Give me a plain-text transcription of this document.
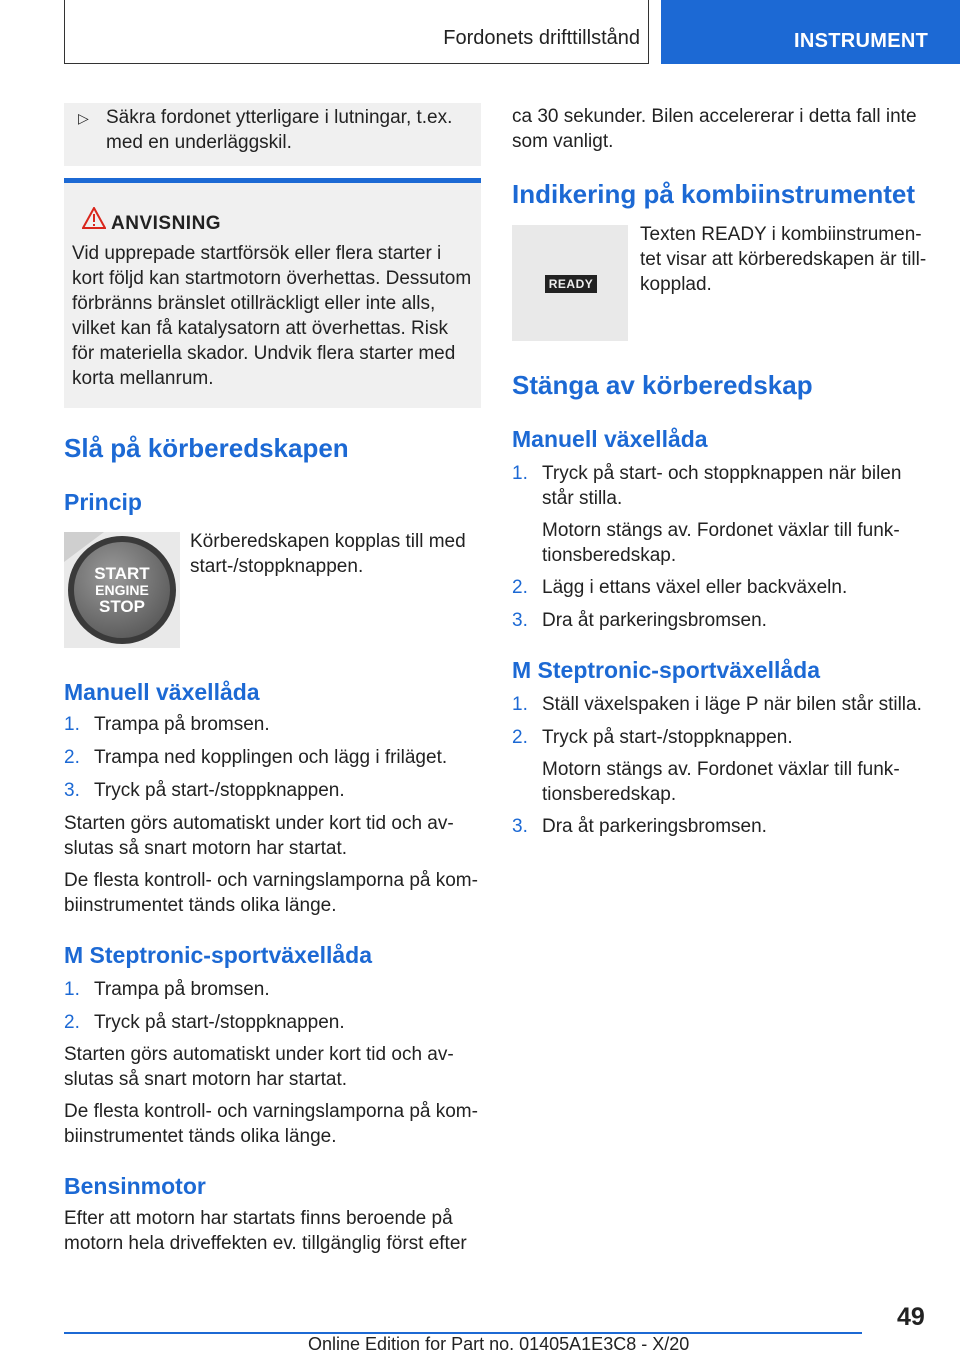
Fordonets drifttillstånd	INSTRUMENT
▷ Säkra fordonet ytterligare i lutningar, t.ex. med en underläggskil.
ANVISNING
Vid upprepade startförsök eller flera starter i kort följd kan startmotorn överhettas. Dessutom förbränns bränslet otillräckligt eller inte alls, vilket kan få katalysatorn att överhettas. Risk för materiella skador. Undvik flera starter med korta mellanrum.
Slå på körberedskapen
Princip
START
ENGINE
STOP
Körberedskapen kopplas till med start-/stoppknappen.
Manuell växellåda
1. Trampa på bromsen.
2. Trampa ned kopplingen och lägg i friläget.
3. Tryck på start-/stoppknappen.
Starten görs automatiskt under kort tid och avslutas så snart motorn har startat.
De flesta kontroll- och varningslamporna på kombiinstrumentet tänds olika länge.
M Steptronic-sportväxellåda
1. Trampa på bromsen.
2. Tryck på start-/stoppknappen.
Starten görs automatiskt under kort tid och avslutas så snart motorn har startat.
De flesta kontroll- och varningslamporna på kombiinstrumentet tänds olika länge.
Bensinmotor
Efter att motorn har startats finns beroende på motorn hela driveffekten ev. tillgänglig först efter
ca 30 sekunder. Bilen accelererar i detta fall inte som vanligt.
Indikering på kombiinstrumentet
READY
Texten READY i kombiinstrumentet visar att körberedskapen är tillkopplad.
Stänga av körberedskap
Manuell växellåda
1. Tryck på start- och stoppknappen när bilen står stilla.
Motorn stängs av. Fordonet växlar till funktionsberedskap.
2. Lägg i ettans växel eller backväxeln.
3. Dra åt parkeringsbromsen.
M Steptronic-sportväxellåda
1. Ställ växelspaken i läge P när bilen står stilla.
2. Tryck på start-/stoppknappen.
Motorn stängs av. Fordonet växlar till funktionsberedskap.
3. Dra åt parkeringsbromsen.
49
Online Edition for Part no. 01405A1E3C8 - X/20
